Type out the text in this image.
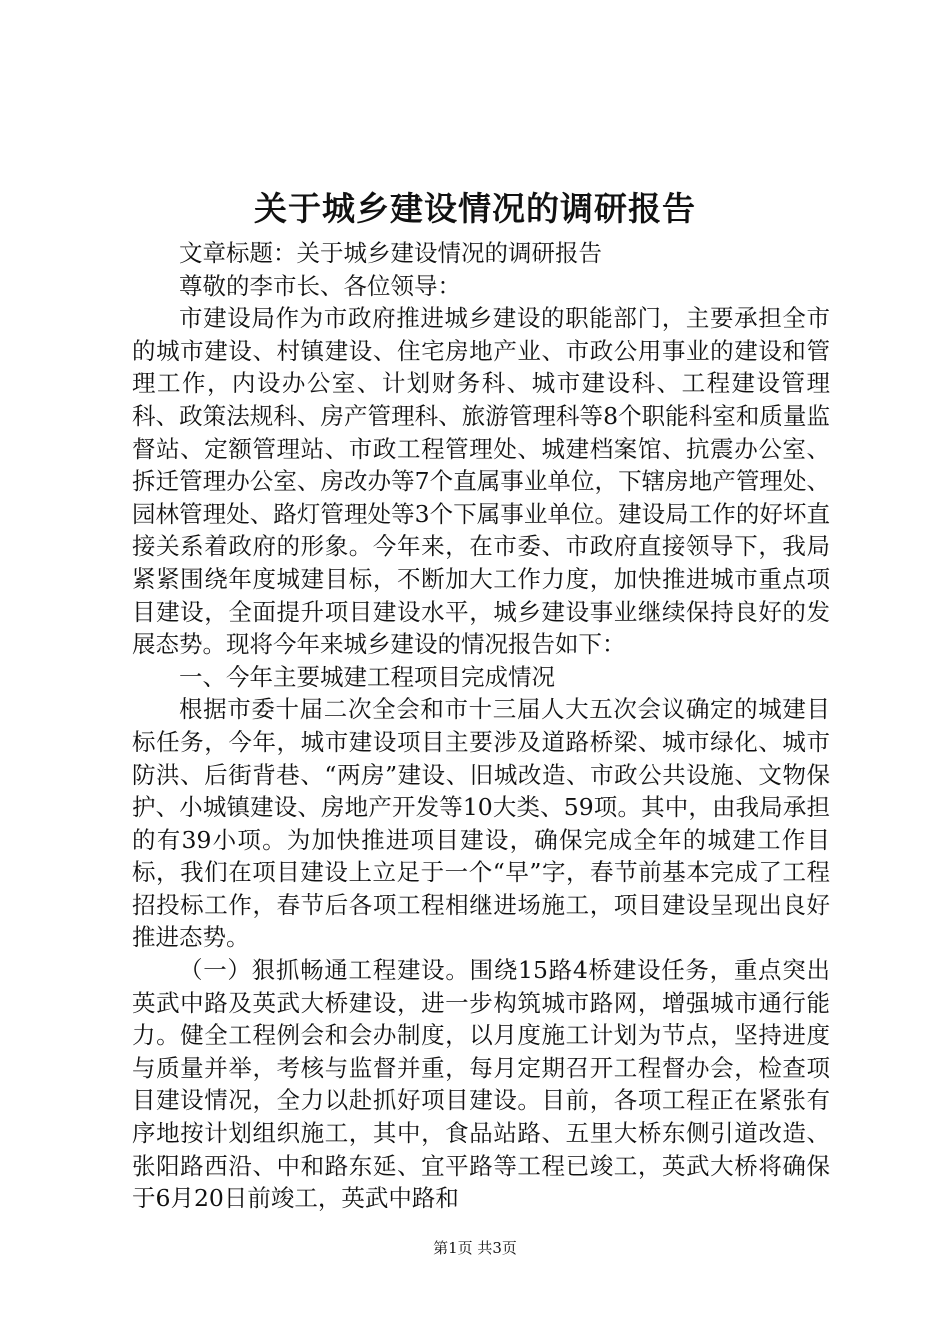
关于城乡建设情况的调研报告

文章标题：关于城乡建设情况的调研报告

尊敬的李市长、各位领导：

市建设局作为市政府推进城乡建设的职能部门，主要承担全市的城市建设、村镇建设、住宅房地产业、市政公用事业的建设和管理工作，内设办公室、计划财务科、城市建设科、工程建设管理科、政策法规科、房产管理科、旅游管理科等8个职能科室和质量监督站、定额管理站、市政工程管理处、城建档案馆、抗震办公室、拆迁管理办公室、房改办等7个直属事业单位，下辖房地产管理处、园林管理处、路灯管理处等3个下属事业单位。建设局工作的好坏直接关系着政府的形象。今年来，在市委、市政府直接领导下，我局紧紧围绕年度城建目标，不断加大工作力度，加快推进城市重点项目建设，全面提升项目建设水平，城乡建设事业继续保持良好的发展态势。现将今年来城乡建设的情况报告如下：

一、今年主要城建工程项目完成情况

根据市委十届二次全会和市十三届人大五次会议确定的城建目标任务，今年，城市建设项目主要涉及道路桥梁、城市绿化、城市防洪、后街背巷、“两房”建设、旧城改造、市政公共设施、文物保护、小城镇建设、房地产开发等10大类、59项。其中，由我局承担的有39小项。为加快推进项目建设，确保完成全年的城建工作目标，我们在项目建设上立足于一个“早”字，春节前基本完成了工程招投标工作，春节后各项工程相继进场施工，项目建设呈现出良好推进态势。

（一）狠抓畅通工程建设。围绕15路4桥建设任务，重点突出英武中路及英武大桥建设，进一步构筑城市路网，增强城市通行能力。健全工程例会和会办制度，以月度施工计划为节点，坚持进度与质量并举，考核与监督并重，每月定期召开工程督办会，检查项目建设情况，全力以赴抓好项目建设。目前，各项工程正在紧张有序地按计划组织施工，其中，食品站路、五里大桥东侧引道改造、张阳路西沿、中和路东延、宜平路等工程已竣工，英武大桥将确保于6月20日前竣工，英武中路和

第1页 共3页
